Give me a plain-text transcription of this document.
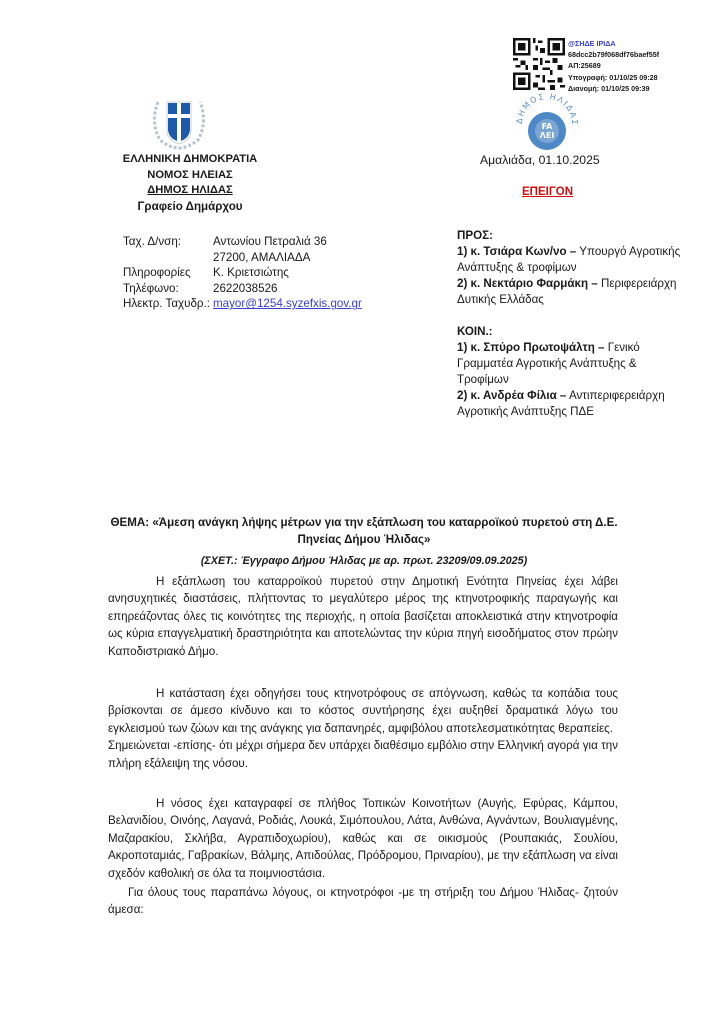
@ΣΗΔΕ ΙΡΙΔΑ
68dcc2b79f068df76baef55f
ΑΠ:25689
Υπογραφή: 01/10/25 09:28
Διανομή: 01/10/25 09:39
ΔΗΜΟΣ ΗΛΙΔΑΣ
FA
ΛΕΙ
ΕΛΛΗΝΙΚΗ ΔΗΜΟΚΡΑΤΙΑ
ΝΟΜΟΣ ΗΛΕΙΑΣ
ΔΗΜΟΣ ΗΛΙΔΑΣ
Γραφείο Δημάρχου
Αμαλιάδα, 01.10.2025
ΕΠΕΙΓΟΝ
Ταχ. Δ/νση:	Αντωνίου Πετραλιά 36
27200, ΑΜΑΛΙΑΔΑ
Πληροφορίες	Κ. Κριετσιώτης
Τηλέφωνο:	2622038526
Ηλεκτρ. Ταχυδρ.: mayor@1254.syzefxis.gov.gr
ΠΡΟΣ:
1) κ. Τσιάρα Κων/νο – Υπουργό Αγροτικής Ανάπτυξης & τροφίμων
2) κ. Νεκτάριο Φαρμάκη – Περιφερειάρχη Δυτικής Ελλάδας
ΚΟΙΝ.:
1) κ. Σπύρο Πρωτοψάλτη – Γενικό Γραμματέα Αγροτικής Ανάπτυξης & Τροφίμων
2) κ. Ανδρέα Φίλια – Αντιπεριφερειάρχη Αγροτικής Ανάπτυξης ΠΔΕ
ΘΕΜΑ: «Άμεση ανάγκη λήψης μέτρων για την εξάπλωση του καταρροϊκού πυρετού στη Δ.Ε. Πηνείας Δήμου Ήλιδας»
(ΣΧΕΤ.: Έγγραφο Δήμου Ήλιδας με αρ. πρωτ. 23209/09.09.2025)

Η εξάπλωση του καταρροϊκού πυρετού στην Δημοτική Ενότητα Πηνείας έχει λάβει ανησυχητικές διαστάσεις, πλήττοντας το μεγαλύτερο μέρος της κτηνοτροφικής παραγωγής και επηρεάζοντας όλες τις κοινότητες της περιοχής, η οποία βασίζεται αποκλειστικά στην κτηνοτροφία ως κύρια επαγγελματική δραστηριότητα και αποτελώντας την κύρια πηγή εισοδήματος στον πρώην Καποδιστριακό Δήμο.

Η κατάσταση έχει οδηγήσει τους κτηνοτρόφους σε απόγνωση, καθώς τα κοπάδια τους βρίσκονται σε άμεσο κίνδυνο και το κόστος συντήρησης έχει αυξηθεί δραματικά λόγω του εγκλεισμού των ζώων και της ανάγκης για δαπανηρές, αμφιβόλου αποτελεσματικότητας θεραπείες.

Σημειώνεται -επίσης- ότι μέχρι σήμερα δεν υπάρχει διαθέσιμο εμβόλιο στην Ελληνική αγορά για την πλήρη εξάλειψη της νόσου.

Η νόσος έχει καταγραφεί σε πλήθος Τοπικών Κοινοτήτων (Αυγής, Εφύρας, Κάμπου, Βελανιδίου, Οινόης, Λαγανά, Ροδιάς, Λουκά, Σιμόπουλου, Λάτα, Ανθώνα, Αγνάντων, Βουλιαγμένης, Μαζαρακίου, Σκλήβα, Αγραπιδοχωρίου), καθώς και σε οικισμούς (Ρουπακιάς, Σουλίου, Ακροποταμιάς, Γαβρακίων, Βάλμης, Απιδούλας, Πρόδρομου, Πριναρίου), με την εξάπλωση να είναι σχεδόν καθολική σε όλα τα ποιμνιοστάσια.

Για όλους τους παραπάνω λόγους, οι κτηνοτρόφοι -με τη στήριξη του Δήμου Ήλιδας- ζητούν άμεσα:
